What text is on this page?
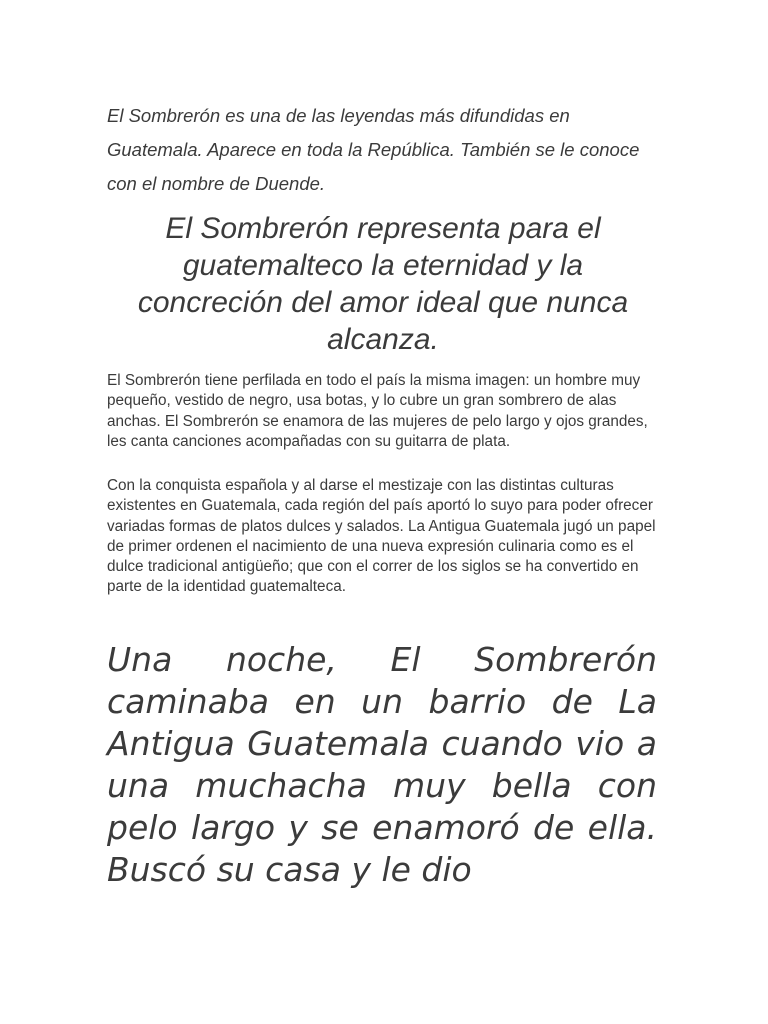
El Sombrerón es una de las leyendas más difundidas en Guatemala. Aparece en toda la República. También se le conoce con el nombre de Duende.

El Sombrerón representa para el guatemalteco la eternidad y la concreción del amor ideal que nunca alcanza.

El Sombrerón tiene perfilada en todo el país la misma imagen: un hombre muy pequeño, vestido de negro, usa botas, y lo cubre un gran sombrero de alas anchas. El Sombrerón se enamora de las mujeres de pelo largo y ojos grandes, les canta canciones acompañadas con su guitarra de plata.

Con la conquista española y al darse el mestizaje con las distintas culturas existentes en Guatemala, cada región del país aportó lo suyo para poder ofrecer variadas formas de platos dulces y salados. La Antigua Guatemala jugó un papel de primer ordenen el nacimiento de una nueva expresión culinaria como es el dulce tradicional antigüeño; que con el correr de los siglos se ha convertido en parte de la identidad guatemalteca.

Una noche, El Sombrerón caminaba en un barrio de La Antigua Guatemala cuando vio a una muchacha muy bella con pelo largo y se enamoró de ella. Buscó su casa y le dio
